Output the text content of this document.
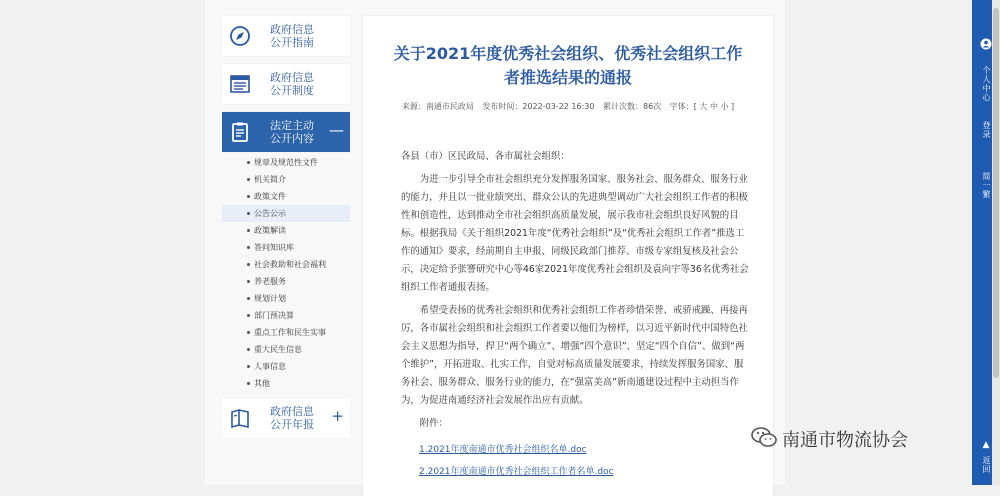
政府信息
公开指南
政府信息
公开制度
法定主动
公开内容	—
规章及规范性文件
机关简介
政策文件
公告公示
政策解读
答问知识库
社会救助和社会福利
养老服务
规划计划
部门预决算
重点工作和民生实事
重大民生信息
人事信息
其他
政府信息
公开年报	+
关于2021年度优秀社会组织、优秀社会组织工作
者推选结果的通报
来源：南通市民政局 发布时间：2022-03-22 16:30 累计次数：86次 字体：[ 大 中 小 ]

各县（市）区民政局、各市属社会组织：

为进一步引导全市社会组织充分发挥服务国家、服务社会、服务群众、服务行业的能力，并且以一批业绩突出、群众公认的先进典型调动广大社会组织工作者的积极性和创造性，达到推动全市社会组织高质量发展，展示我市社会组织良好风貌的目标。根据我局《关于组织2021年度“优秀社会组织”及“优秀社会组织工作者”推选工作的通知》要求，经前期自主申报、同级民政部门推荐、市级专家组复核及社会公示，决定给予张謇研究中心等46家2021年度优秀社会组织及袁向宇等36名优秀社会组织工作者通报表扬。

希望受表扬的优秀社会组织和优秀社会组织工作者珍惜荣誉、戒骄戒躁、再接再厉，各市属社会组织和社会组织工作者要以他们为榜样，以习近平新时代中国特色社会主义思想为指导，捍卫“两个确立”、增强“四个意识”、坚定“四个自信”、做到“两个维护”，开拓进取、扎实工作，自觉对标高质量发展要求，持续发挥服务国家、服务社会、服务群众、服务行业的能力，在“强富美高”新南通建设过程中主动担当作为，为促进南通经济社会发展作出应有贡献。

附件：

1.2021年度南通市优秀社会组织名单.doc
2.2021年度南通市优秀社会组织工作者名单.doc
南通市物流协会
个人中心
登录
简一繁
▲
返回
